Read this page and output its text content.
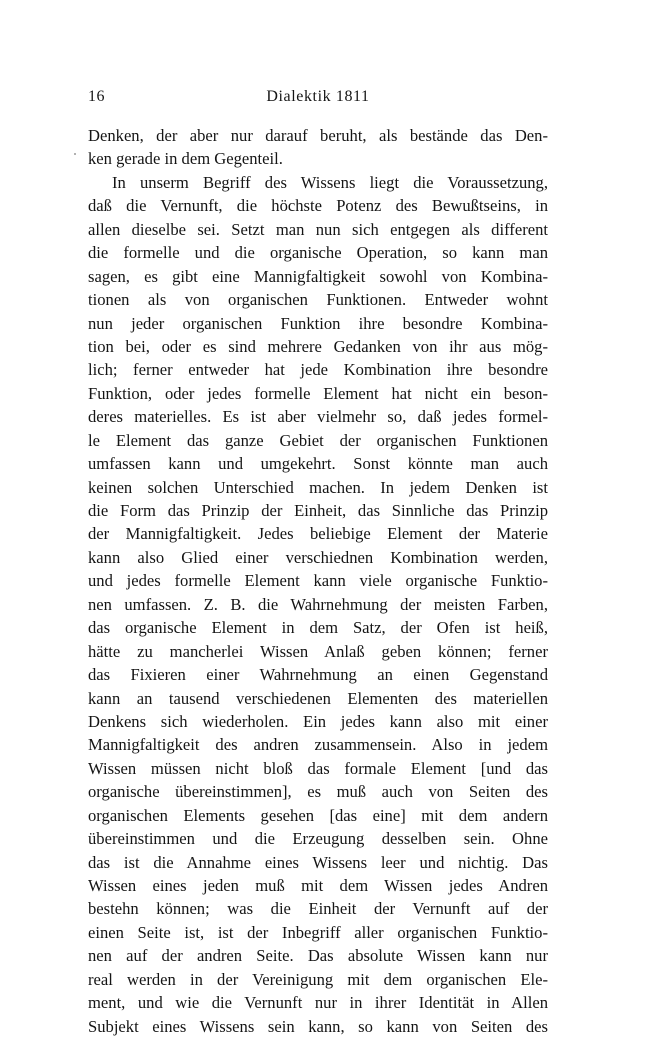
16	Dialektik 1811
Denken, der aber nur darauf beruht, als bestände das Den-
ken gerade in dem Gegenteil.
In unserm Begriff des Wissens liegt die Voraussetzung,
daß die Vernunft, die höchste Potenz des Bewußtseins, in
allen dieselbe sei. Setzt man nun sich entgegen als different
die formelle und die organische Operation, so kann man
sagen, es gibt eine Mannigfaltigkeit sowohl von Kombina-
tionen als von organischen Funktionen. Entweder wohnt
nun jeder organischen Funktion ihre besondre Kombina-
tion bei, oder es sind mehrere Gedanken von ihr aus mög-
lich; ferner entweder hat jede Kombination ihre besondre
Funktion, oder jedes formelle Element hat nicht ein beson-
deres materielles. Es ist aber vielmehr so, daß jedes formel-
le Element das ganze Gebiet der organischen Funktionen
umfassen kann und umgekehrt. Sonst könnte man auch
keinen solchen Unterschied machen. In jedem Denken ist
die Form das Prinzip der Einheit, das Sinnliche das Prinzip
der Mannigfaltigkeit. Jedes beliebige Element der Materie
kann also Glied einer verschiednen Kombination werden,
und jedes formelle Element kann viele organische Funktio-
nen umfassen. Z. B. die Wahrnehmung der meisten Farben,
das organische Element in dem Satz, der Ofen ist heiß,
hätte zu mancherlei Wissen Anlaß geben können; ferner
das Fixieren einer Wahrnehmung an einen Gegenstand
kann an tausend verschiedenen Elementen des materiellen
Denkens sich wiederholen. Ein jedes kann also mit einer
Mannigfaltigkeit des andren zusammensein. Also in jedem
Wissen müssen nicht bloß das formale Element [und das
organische übereinstimmen], es muß auch von Seiten des
organischen Elements gesehen [das eine] mit dem andern
übereinstimmen und die Erzeugung desselben sein. Ohne
das ist die Annahme eines Wissens leer und nichtig. Das
Wissen eines jeden muß mit dem Wissen jedes Andren
bestehn können; was die Einheit der Vernunft auf der
einen Seite ist, ist der Inbegriff aller organischen Funktio-
nen auf der andren Seite. Das absolute Wissen kann nur
real werden in der Vereinigung mit dem organischen Ele-
ment, und wie die Vernunft nur in ihrer Identität in Allen
Subjekt eines Wissens sein kann, so kann von Seiten des
